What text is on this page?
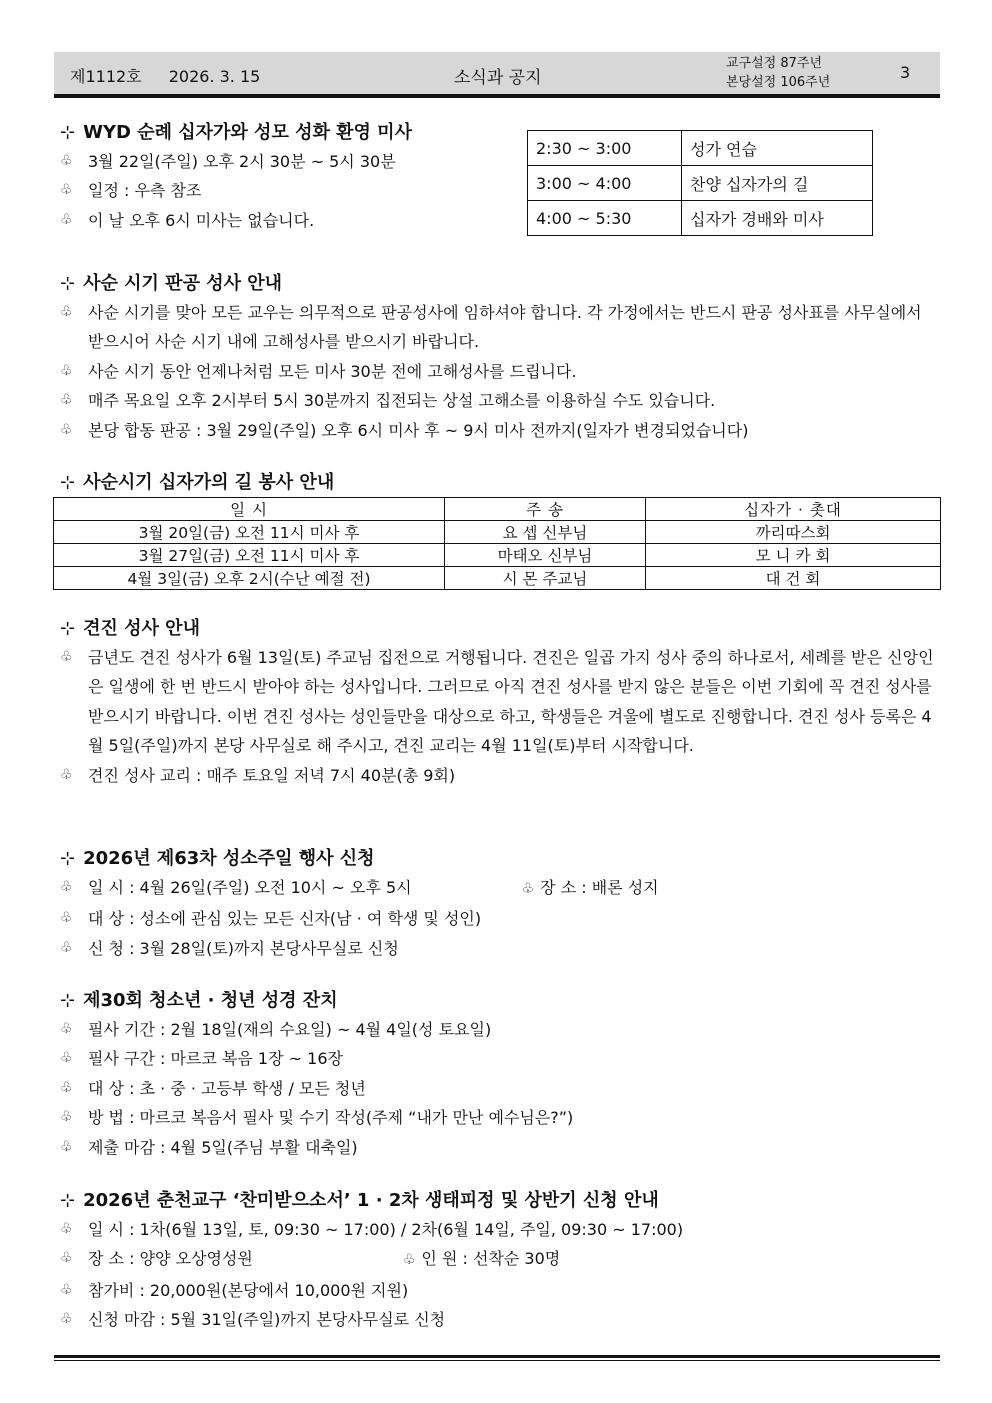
제1112호 2026. 3. 15	소식과 공지
교구설정 87주년
본당설정 106주년
3
⊹ WYD 순례 십자가와 성모 성화 환영 미사
♧ 3월 22일(주일) 오후 2시 30분 ~ 5시 30분
♧ 일정 : 우측 참조
♧ 이 날 오후 6시 미사는 없습니다.
2:30 ~ 3:00	성가 연습
3:00 ~ 4:00	찬양 십자가의 길
4:00 ~ 5:30	십자가 경배와 미사
⊹ 사순 시기 판공 성사 안내
♧ 사순 시기를 맞아 모든 교우는 의무적으로 판공성사에 임하셔야 합니다. 각 가정에서는 반드시 판공 성사표를 사무실에서 받으시어 사순 시기 내에 고해성사를 받으시기 바랍니다.
♧ 사순 시기 동안 언제나처럼 모든 미사 30분 전에 고해성사를 드립니다.
♧ 매주 목요일 오후 2시부터 5시 30분까지 집전되는 상설 고해소를 이용하실 수도 있습니다.
♧ 본당 합동 판공 : 3월 29일(주일) 오후 6시 미사 후 ~ 9시 미사 전까지(일자가 변경되었습니다)
⊹ 사순시기 십자가의 길 봉사 안내
일 시	주 송	십자가 · 촛대
3월 20일(금) 오전 11시 미사 후	요 셉 신부님	까리따스회
3월 27일(금) 오전 11시 미사 후	마태오 신부님	모 니 카 회
4월 3일(금) 오후 2시(수난 예절 전)	시 몬 주교님	대 건 회
⊹ 견진 성사 안내
♧ 금년도 견진 성사가 6월 13일(토) 주교님 집전으로 거행됩니다. 견진은 일곱 가지 성사 중의 하나로서, 세례를 받은 신앙인은 일생에 한 번 반드시 받아야 하는 성사입니다. 그러므로 아직 견진 성사를 받지 않은 분들은 이번 기회에 꼭 견진 성사를 받으시기 바랍니다. 이번 견진 성사는 성인들만을 대상으로 하고, 학생들은 겨울에 별도로 진행합니다. 견진 성사 등록은 4월 5일(주일)까지 본당 사무실로 해 주시고, 견진 교리는 4월 11일(토)부터 시작합니다.
♧ 견진 성사 교리 : 매주 토요일 저녁 7시 40분(총 9회)
⊹ 2026년 제63차 성소주일 행사 신청
♧ 일 시 : 4월 26일(주일) 오전 10시 ~ 오후 5시	♧ 장 소 : 배론 성지
♧ 대 상 : 성소에 관심 있는 모든 신자(남 · 여 학생 및 성인)
♧ 신 청 : 3월 28일(토)까지 본당사무실로 신청
⊹ 제30회 청소년 · 청년 성경 잔치
♧ 필사 기간 : 2월 18일(재의 수요일) ~ 4월 4일(성 토요일)
♧ 필사 구간 : 마르코 복음 1장 ~ 16장
♧ 대 상 : 초 · 중 · 고등부 학생 / 모든 청년
♧ 방 법 : 마르코 복음서 필사 및 수기 작성(주제 “내가 만난 예수님은?”)
♧ 제출 마감 : 4월 5일(주님 부활 대축일)
⊹ 2026년 춘천교구 ‘찬미받으소서’ 1 · 2차 생태피정 및 상반기 신청 안내
♧ 일 시 : 1차(6월 13일, 토, 09:30 ~ 17:00) / 2차(6월 14일, 주일, 09:30 ~ 17:00)
♧ 장 소 : 양양 오상영성원	♧ 인 원 : 선착순 30명
♧ 참가비 : 20,000원(본당에서 10,000원 지원)
♧ 신청 마감 : 5월 31일(주일)까지 본당사무실로 신청
